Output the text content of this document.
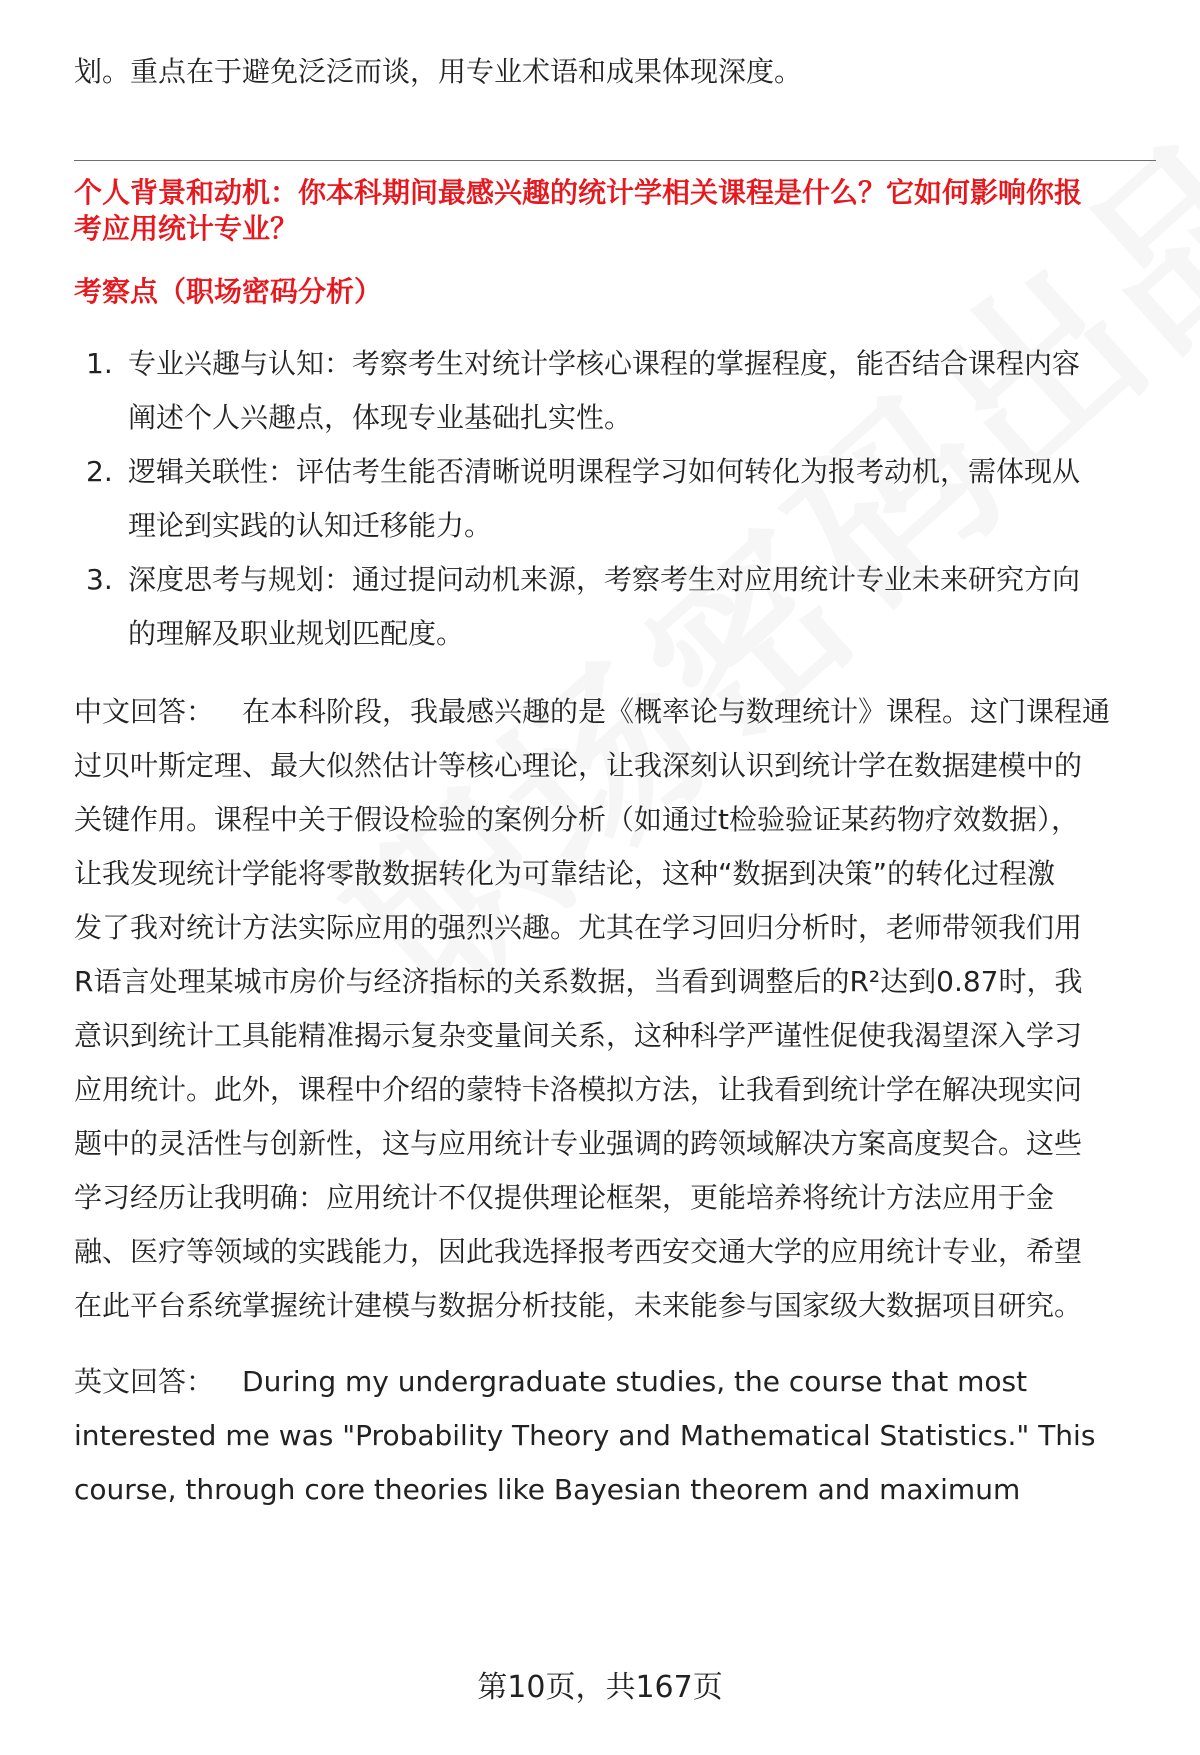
划。重点在于避免泛泛而谈，用专业术语和成果体现深度。
个人背景和动机：你本科期间最感兴趣的统计学相关课程是什么？它如何影响你报
考应用统计专业？
考察点（职场密码分析）
1. 专业兴趣与认知：考察考生对统计学核心课程的掌握程度，能否结合课程内容
阐述个人兴趣点，体现专业基础扎实性。
2. 逻辑关联性：评估考生能否清晰说明课程学习如何转化为报考动机，需体现从
理论到实践的认知迁移能力。
3. 深度思考与规划：通过提问动机来源，考察考生对应用统计专业未来研究方向
的理解及职业规划匹配度。
中文回答： 在本科阶段，我最感兴趣的是《概率论与数理统计》课程。这门课程通
过贝叶斯定理、最大似然估计等核心理论，让我深刻认识到统计学在数据建模中的
关键作用。课程中关于假设检验的案例分析（如通过t检验验证某药物疗效数据），
让我发现统计学能将零散数据转化为可靠结论，这种“数据到决策”的转化过程激
发了我对统计方法实际应用的强烈兴趣。尤其在学习回归分析时，老师带领我们用
R语言处理某城市房价与经济指标的关系数据，当看到调整后的R²达到0.87时，我
意识到统计工具能精准揭示复杂变量间关系，这种科学严谨性促使我渴望深入学习
应用统计。此外，课程中介绍的蒙特卡洛模拟方法，让我看到统计学在解决现实问
题中的灵活性与创新性，这与应用统计专业强调的跨领域解决方案高度契合。这些
学习经历让我明确：应用统计不仅提供理论框架，更能培养将统计方法应用于金
融、医疗等领域的实践能力，因此我选择报考西安交通大学的应用统计专业，希望
在此平台系统掌握统计建模与数据分析技能，未来能参与国家级大数据项目研究。
英文回答： During my undergraduate studies, the course that most
interested me was "Probability Theory and Mathematical Statistics." This
course, through core theories like Bayesian theorem and maximum
第10页，共167页
